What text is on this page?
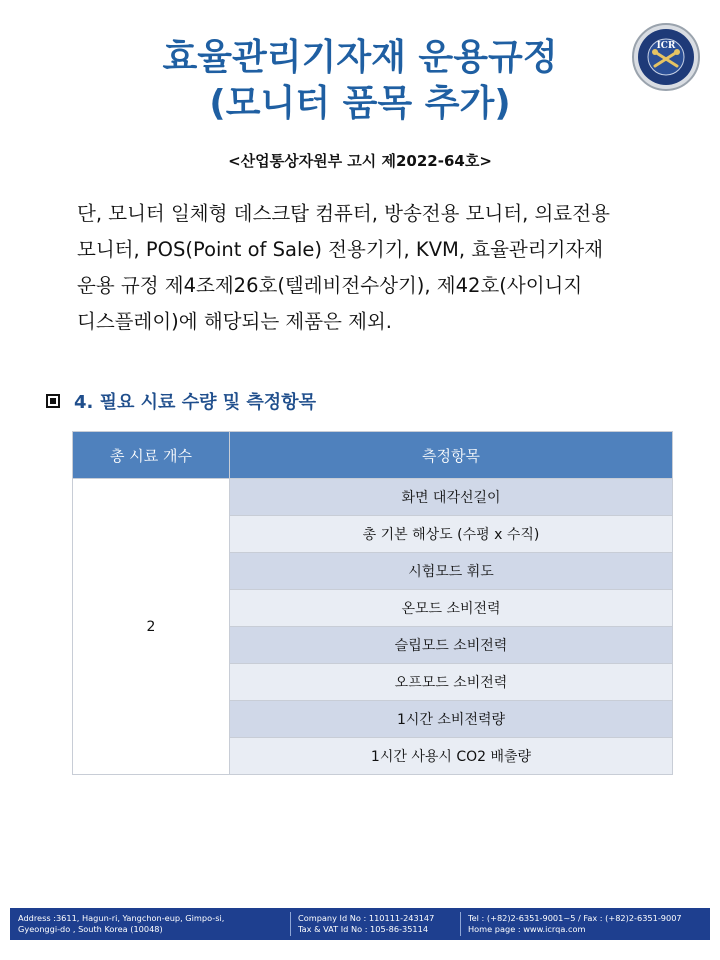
효율관리기자재 운용규정
(모니터 품목 추가)
ICR
<산업통상자원부 고시 제2022-64호>
단, 모니터 일체형 데스크탑 컴퓨터, 방송전용 모니터, 의료전용
모니터, POS(Point of Sale) 전용기기, KVM, 효율관리기자재
운용 규정 제4조제26호(텔레비전수상기), 제42호(사이니지
디스플레이)에 해당되는 제품은 제외.
4. 필요 시료 수량 및 측정항목
총 시료 개수	측정항목
2	화면 대각선길이
	총 기본 해상도 (수평 x 수직)
	시험모드 휘도
	온모드 소비전력
	슬립모드 소비전력
	오프모드 소비전력
	1시간 소비전력량
	1시간 사용시 CO2 배출량
Address :3611, Hagun-ri, Yangchon-eup, Gimpo-si,
Gyeonggi-do , South Korea (10048)
Company Id No : 110111-243147
Tax & VAT Id No : 105-86-35114
Tel : (+82)2-6351-9001~5 / Fax : (+82)2-6351-9007
Home page : www.icrqa.com
